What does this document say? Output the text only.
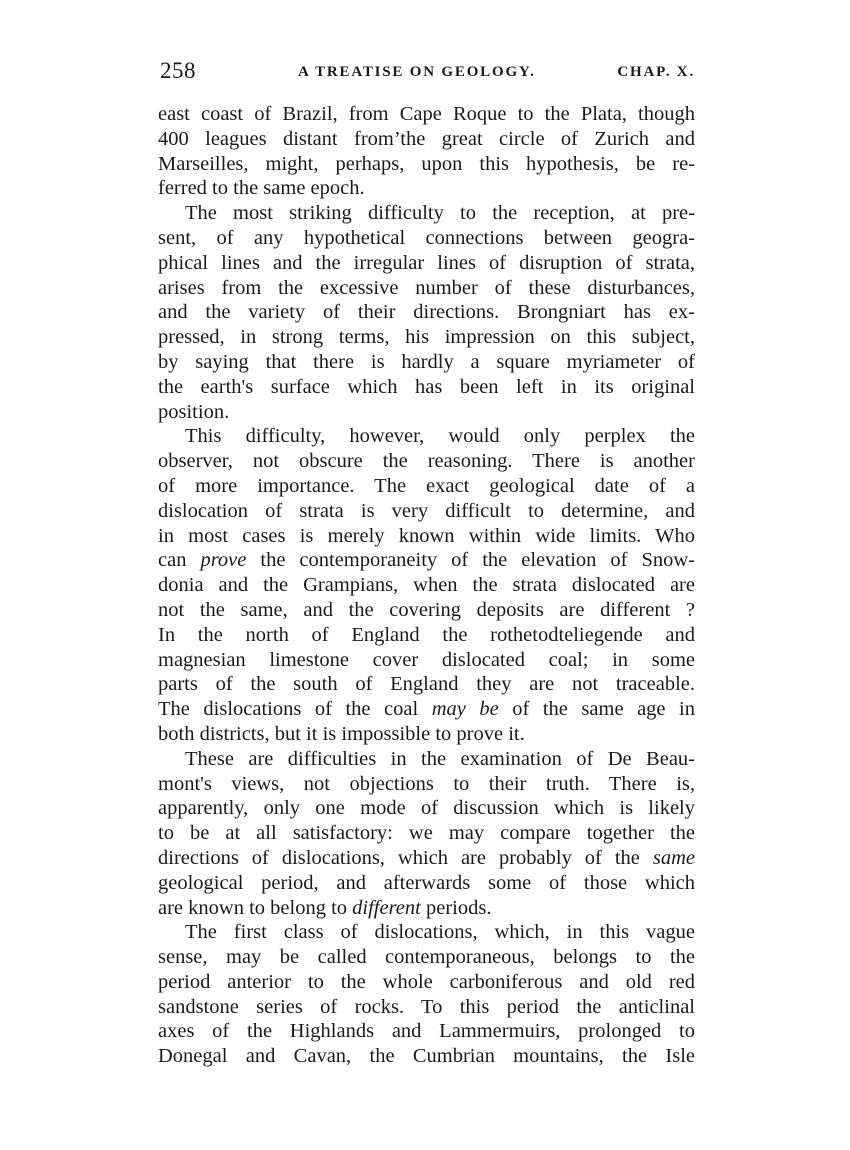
258	A TREATISE ON GEOLOGY.	CHAP. X.
east coast of Brazil, from Cape Roque to the Plata, though
400 leagues distant from’the great circle of Zurich and
Marseilles, might, perhaps, upon this hypothesis, be re-
ferred to the same epoch.
The most striking difficulty to the reception, at pre-
sent, of any hypothetical connections between geogra-
phical lines and the irregular lines of disruption of strata,
arises from the excessive number of these disturbances,
and the variety of their directions. Brongniart has ex-
pressed, in strong terms, his impression on this subject,
by saying that there is hardly a square myriameter of
the earth's surface which has been left in its original
position.
This difficulty, however, would only perplex the
observer, not obscure the reasoning. There is another
of more importance. The exact geological date of a
dislocation of strata is very difficult to determine, and
in most cases is merely known within wide limits. Who
can prove the contemporaneity of the elevation of Snow-
donia and the Grampians, when the strata dislocated are
not the same, and the covering deposits are different ?
In the north of England the rothetodteliegende and
magnesian limestone cover dislocated coal; in some
parts of the south of England they are not traceable.
The dislocations of the coal may be of the same age in
both districts, but it is impossible to prove it.
These are difficulties in the examination of De Beau-
mont's views, not objections to their truth. There is,
apparently, only one mode of discussion which is likely
to be at all satisfactory: we may compare together the
directions of dislocations, which are probably of the same
geological period, and afterwards some of those which
are known to belong to different periods.
The first class of dislocations, which, in this vague
sense, may be called contemporaneous, belongs to the
period anterior to the whole carboniferous and old red
sandstone series of rocks. To this period the anticlinal
axes of the Highlands and Lammermuirs, prolonged to
Donegal and Cavan, the Cumbrian mountains, the Isle
